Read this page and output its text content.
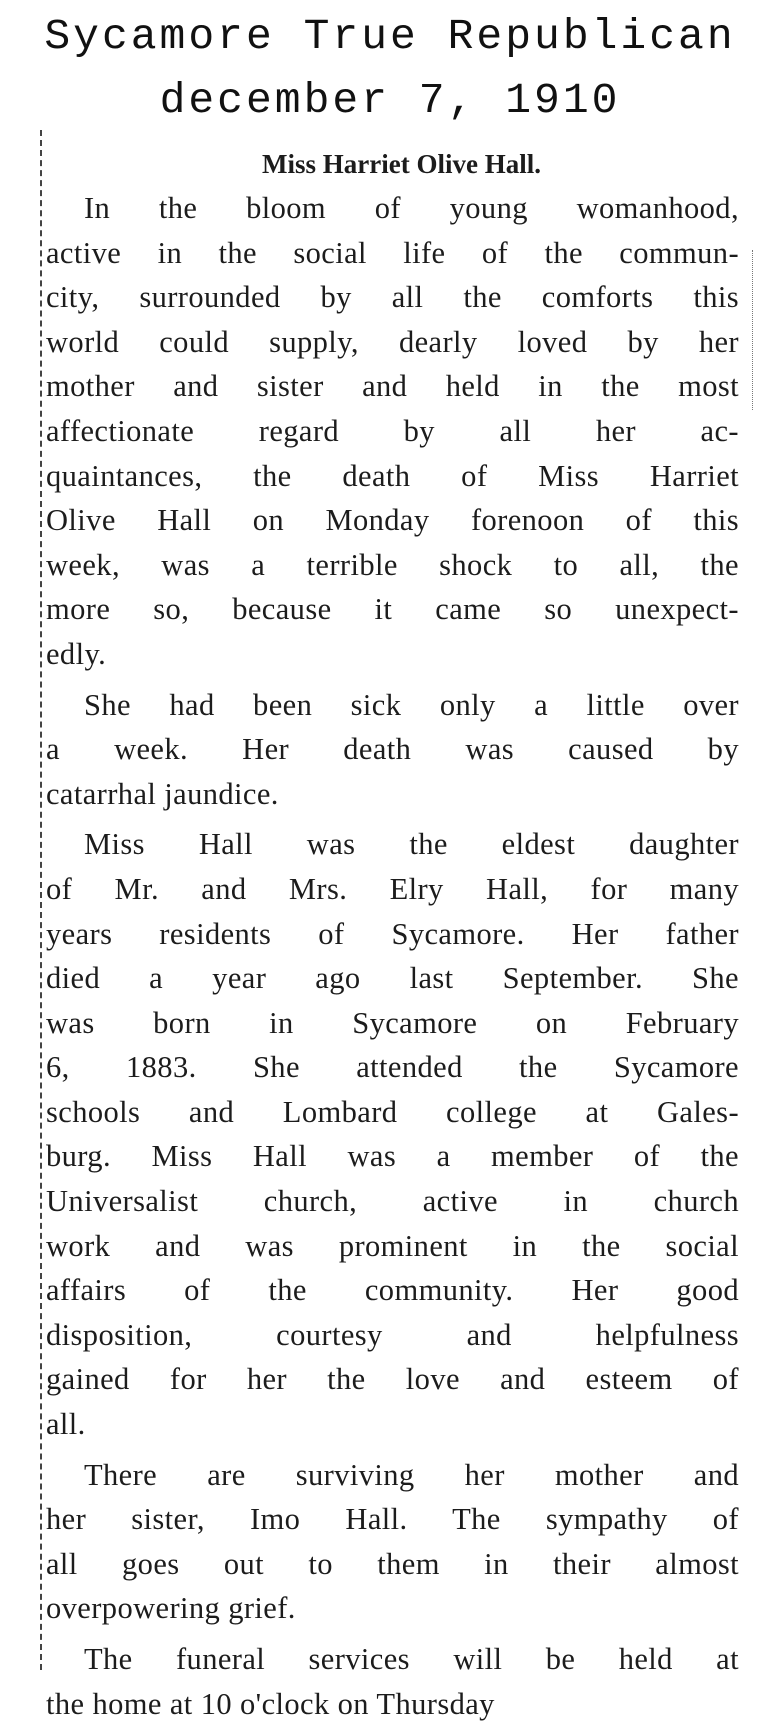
Sycamore True Republican
december 7, 1910
Miss Harriet Olive Hall.
In the bloom of young womanhood,
active in the social life of the commun-
city, surrounded by all the comforts this
world could supply, dearly loved by her
mother and sister and held in the most
affectionate regard by all her ac-
quaintances, the death of Miss Harriet
Olive Hall on Monday forenoon of this
week, was a terrible shock to all, the
more so, because it came so unexpect-
edly.
She had been sick only a little over
a week. Her death was caused by
catarrhal jaundice.
Miss Hall was the eldest daughter
of Mr. and Mrs. Elry Hall, for many
years residents of Sycamore. Her father
died a year ago last September. She
was born in Sycamore on February
6, 1883. She attended the Sycamore
schools and Lombard college at Gales-
burg. Miss Hall was a member of the
Universalist church, active in church
work and was prominent in the social
affairs of the community. Her good
disposition, courtesy and helpfulness
gained for her the love and esteem of
all.
There are surviving her mother and
her sister, Imo Hall. The sympathy of
all goes out to them in their almost
overpowering grief.
The funeral services will be held at
the home at 10 o'clock on Thursday
